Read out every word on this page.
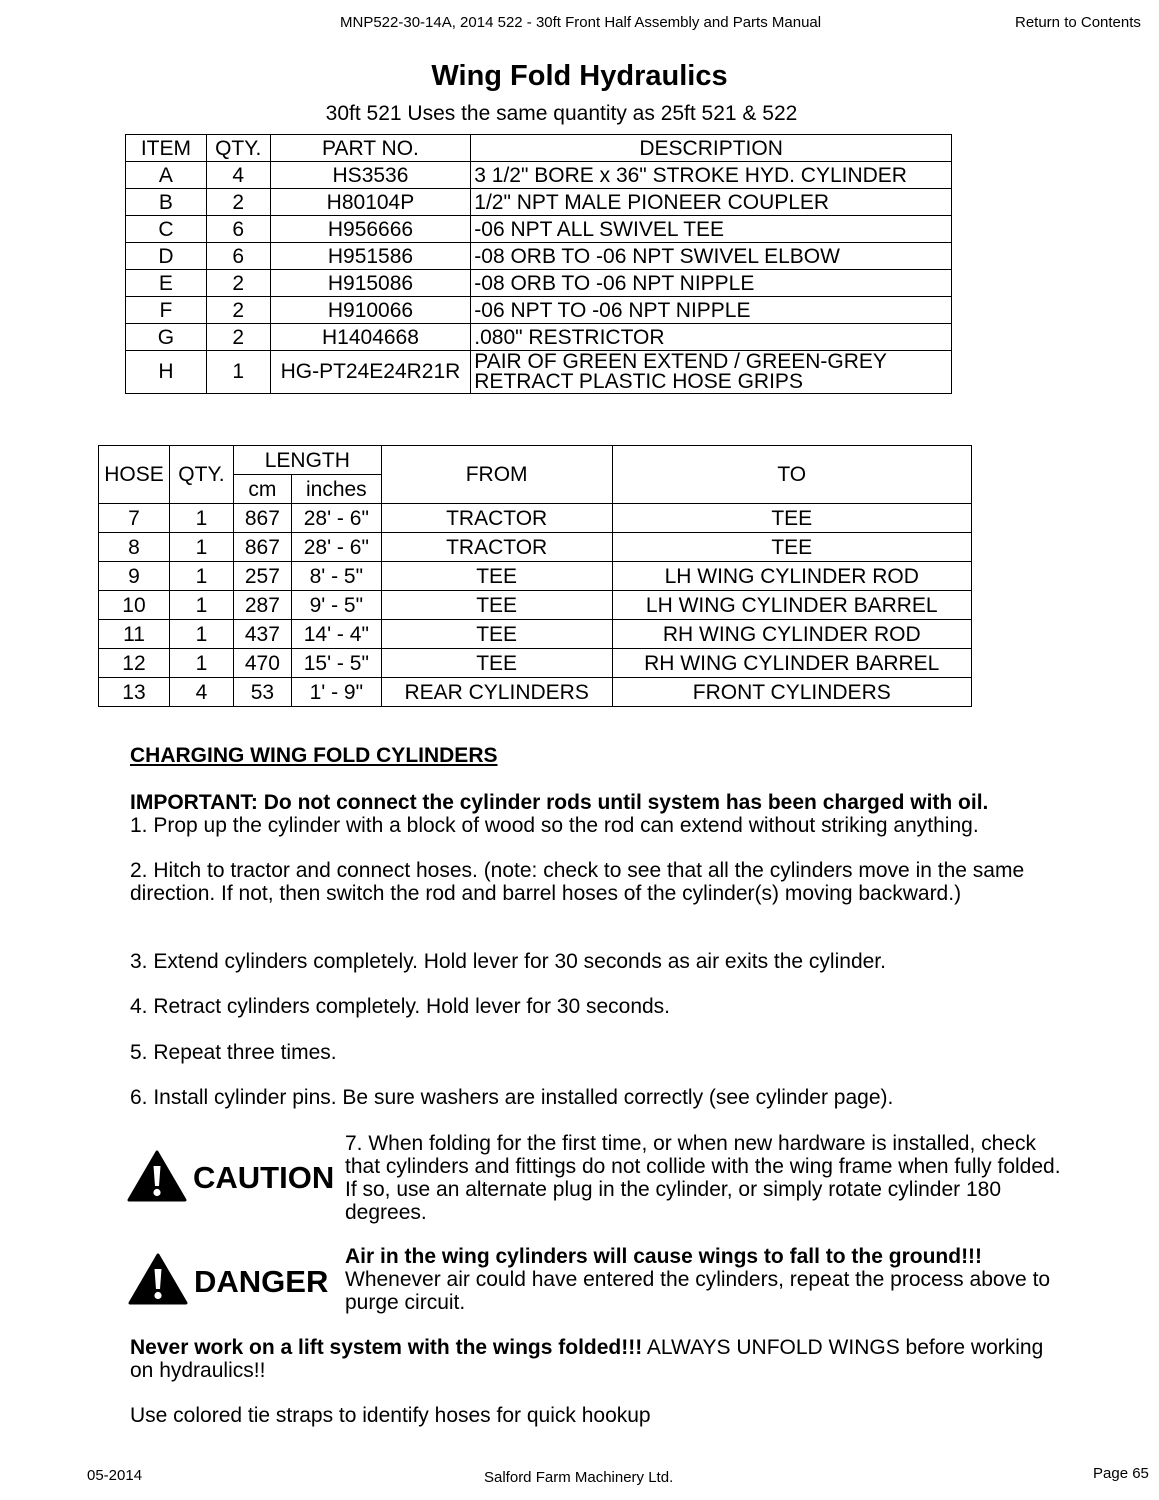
MNP522-30-14A, 2014 522 - 30ft Front Half Assembly and Parts Manual	Return to Contents
Wing Fold Hydraulics
30ft 521 Uses the same quantity as 25ft 521 & 522
ITEM	QTY.	PART NO.	DESCRIPTION
A	4	HS3536	3 1/2" BORE x 36" STROKE HYD. CYLINDER
B	2	H80104P	1/2" NPT MALE PIONEER COUPLER
C	6	H956666	-06 NPT ALL SWIVEL TEE
D	6	H951586	-08 ORB TO -06 NPT SWIVEL ELBOW
E	2	H915086	-08 ORB TO -06 NPT NIPPLE
F	2	H910066	-06 NPT TO -06 NPT NIPPLE
G	2	H1404668	.080" RESTRICTOR
H	1	HG-PT24E24R21R	PAIR OF GREEN EXTEND / GREEN-GREY
RETRACT PLASTIC HOSE GRIPS
HOSE	QTY.	LENGTH		FROM	TO
		cm	inches		
7	1	867	28' - 6"	TRACTOR	TEE
8	1	867	28' - 6"	TRACTOR	TEE
9	1	257	8' - 5"	TEE	LH WING CYLINDER ROD
10	1	287	9' - 5"	TEE	LH WING CYLINDER BARREL
11	1	437	14' - 4"	TEE	RH WING CYLINDER ROD
12	1	470	15' - 5"	TEE	RH WING CYLINDER BARREL
13	4	53	1' - 9"	REAR CYLINDERS	FRONT CYLINDERS
CHARGING WING FOLD CYLINDERS
IMPORTANT: Do not connect the cylinder rods until system has been charged with oil.
1. Prop up the cylinder with a block of wood so the rod can extend without striking anything.
2. Hitch to tractor and connect hoses. (note: check to see that all the cylinders move in the same direction. If not, then switch the rod and barrel hoses of the cylinder(s) moving backward.)
3. Extend cylinders completely. Hold lever for 30 seconds as air exits the cylinder.
4. Retract cylinders completely. Hold lever for 30 seconds.
5. Repeat three times.
6. Install cylinder pins. Be sure washers are installed correctly (see cylinder page).
CAUTION
7. When folding for the first time, or when new hardware is installed, check that cylinders and fittings do not collide with the wing frame when fully folded. If so, use an alternate plug in the cylinder, or simply rotate cylinder 180 degrees.
DANGER
Air in the wing cylinders will cause wings to fall to the ground!!!
Whenever air could have entered the cylinders, repeat the process above to purge circuit.
Never work on a lift system with the wings folded!!! ALWAYS UNFOLD WINGS before working on hydraulics!!
Use colored tie straps to identify hoses for quick hookup
05-2014	Salford Farm Machinery Ltd.	Page 65
